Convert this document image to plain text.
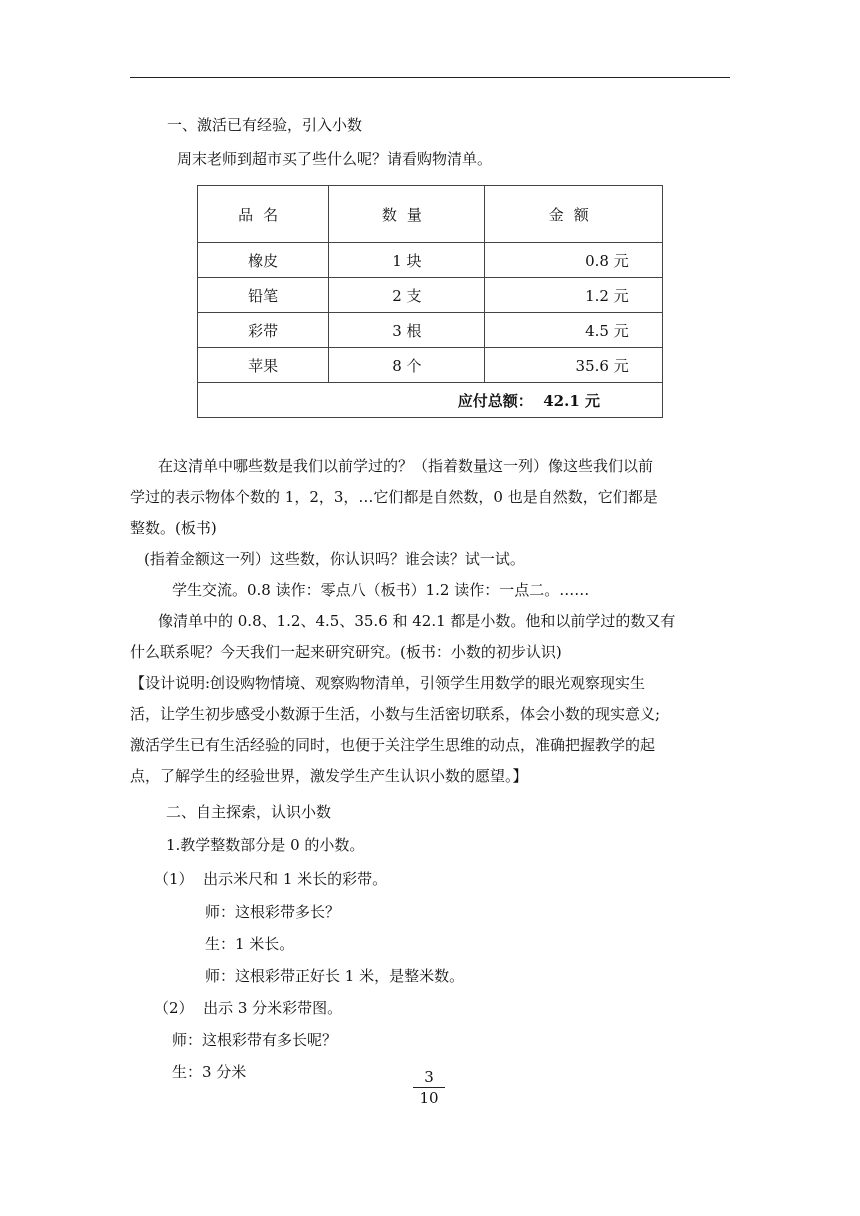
一、激活已有经验，引入小数
周末老师到超市买了些什么呢？请看购物清单。
品名	数量	金额
橡皮	1 块	0.8 元
铅笔	2 支	1.2 元
彩带	3 根	4.5 元
苹果	8 个	35.6 元
应付总额：  42.1 元		
在这清单中哪些数是我们以前学过的？（指着数量这一列）像这些我们以前
学过的表示物体个数的 1，2，3，…它们都是自然数，0 也是自然数，它们都是
整数。(板书)
(指着金额这一列）这些数，你认识吗？谁会读？试一试。
学生交流。0.8 读作：零点八（板书）1.2 读作：一点二。……
像清单中的 0.8、1.2、4.5、35.6 和 42.1 都是小数。他和以前学过的数又有
什么联系呢？今天我们一起来研究研究。(板书：小数的初步认识)
【设计说明:创设购物情境、观察购物清单，引领学生用数学的眼光观察现实生
活，让学生初步感受小数源于生活，小数与生活密切联系，体会小数的现实意义;
激活学生已有生活经验的同时，也便于关注学生思维的动点，准确把握教学的起
点，了解学生的经验世界，激发学生产生认识小数的愿望。】
二、自主探索，认识小数
1.教学整数部分是 0 的小数。
（1）  出示米尺和 1 米长的彩带。
师：这根彩带多长？
生：1 米长。
师：这根彩带正好长 1 米，是整米数。
（2）  出示 3 分米彩带图。
师：这根彩带有多长呢？
生：3 分米	3
10
